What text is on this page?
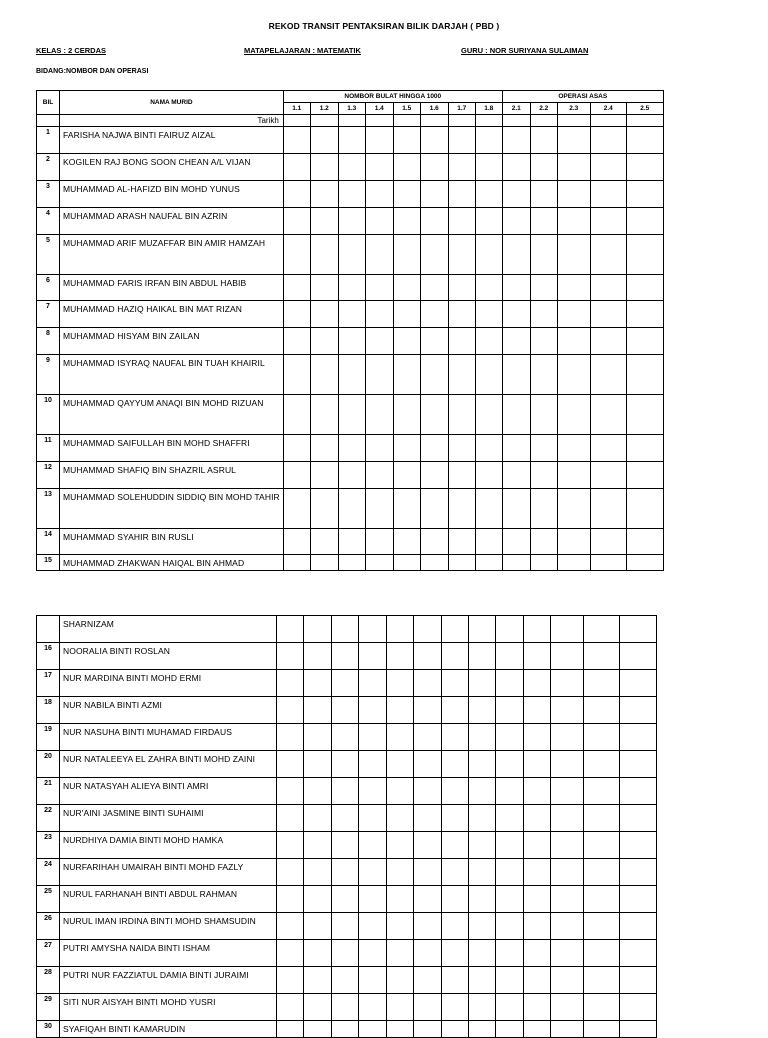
REKOD TRANSIT PENTAKSIRAN BILIK DARJAH ( PBD )
KELAS : 2 CERDAS	MATAPELAJARAN : MATEMATIK	GURU : NOR SURIYANA SULAIMAN
BIDANG:NOMBOR DAN OPERASI
BIL	NAMA MURID	NOMBOR BULAT HINGGA 1000								OPERASI ASAS				
		1.1	1.2	1.3	1.4	1.5	1.6	1.7	1.8	2.1	2.2	2.3	2.4	2.5
	Tarikh													
1	FARISHA NAJWA BINTI FAIRUZ AIZAL													
2	KOGILEN RAJ BONG SOON CHEAN A/L VIJAN													
3	MUHAMMAD AL-HAFIZD BIN MOHD YUNUS													
4	MUHAMMAD ARASH NAUFAL BIN AZRIN													
5	MUHAMMAD ARIF MUZAFFAR BIN AMIR HAMZAH													
6	MUHAMMAD FARIS IRFAN BIN ABDUL HABIB													
7	MUHAMMAD HAZIQ HAIKAL BIN MAT RIZAN													
8	MUHAMMAD HISYAM BIN ZAILAN													
9	MUHAMMAD ISYRAQ NAUFAL BIN TUAH KHAIRIL													
10	MUHAMMAD QAYYUM ANAQI BIN MOHD RIZUAN													
11	MUHAMMAD SAIFULLAH BIN MOHD SHAFFRI													
12	MUHAMMAD SHAFIQ BIN SHAZRIL ASRUL													
13	MUHAMMAD SOLEHUDDIN SIDDIQ BIN MOHD TAHIR													
14	MUHAMMAD SYAHIR BIN RUSLI													
15	MUHAMMAD ZHAKWAN HAIQAL BIN AHMAD													
	SHARNIZAM													
16	NOORALIA BINTI ROSLAN													
17	NUR MARDINA BINTI MOHD ERMI													
18	NUR NABILA BINTI AZMI													
19	NUR NASUHA BINTI MUHAMAD FIRDAUS													
20	NUR NATALEEYA EL ZAHRA BINTI MOHD ZAINI													
21	NUR NATASYAH ALIEYA BINTI AMRI													
22	NUR'AINI JASMINE BINTI SUHAIMI													
23	NURDHIYA DAMIA BINTI MOHD HAMKA													
24	NURFARIHAH UMAIRAH BINTI MOHD FAZLY													
25	NURUL FARHANAH BINTI ABDUL RAHMAN													
26	NURUL IMAN IRDINA BINTI MOHD SHAMSUDIN													
27	PUTRI AMYSHA NAIDA BINTI ISHAM													
28	PUTRI NUR FAZZIATUL DAMIA BINTI JURAIMI													
29	SITI NUR AISYAH BINTI MOHD YUSRI													
30	SYAFIQAH BINTI KAMARUDIN													
